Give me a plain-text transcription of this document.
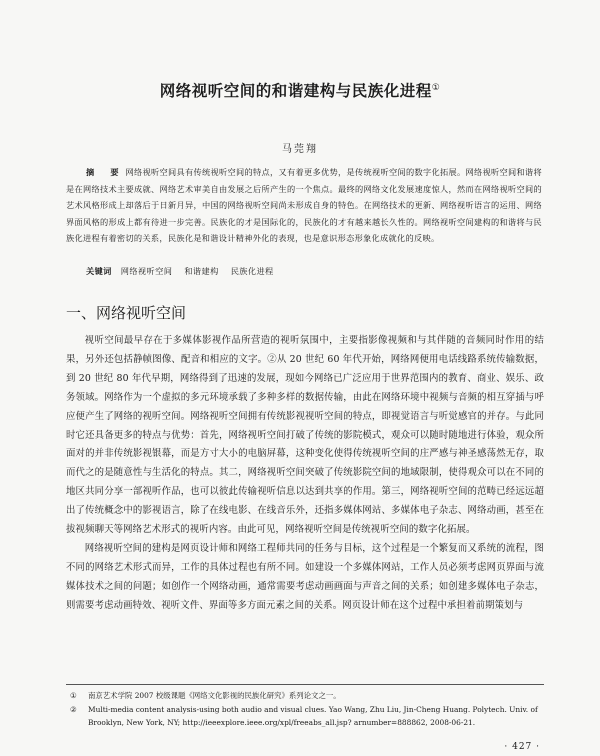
网络视听空间的和谐建构与民族化进程①
马莞翔
摘　要 网络视听空间具有传统视听空间的特点，又有着更多优势，是传统视听空间的数字化拓展。网络视听空间和谐将是在网络技术主要成就、网络艺术审美自由发展之后所产生的一个焦点。最终的网络文化发展速度惊人，然而在网络视听空间的艺术风格形成上却落后于日新月异，中国的网络视听空间尚未形成自身的特色。在网络技术的更新、网络视听语言的运用、网络界面风格的形成上都有待进一步完善。民族化的才是国际化的，民族化的才有越来越长久性的。网络视听空间建构的和谐将与民族化进程有着密切的关系，民族化是和谐设计精神外化的表现，也是意识形态形象化成就化的反映。
关键词 网络视听空间 和谐建构 民族化进程
一、网络视听空间

视听空间最早存在于多媒体影视作品所营造的视听氛围中，主要指影像视频和与其伴随的音频同时作用的结果，另外还包括静帧图像、配音和相应的文字。②从 20 世纪 60 年代开始，网络网便用电话线路系统传输数据，到 20 世纪 80 年代早期，网络得到了迅速的发展，现如今网络已广泛应用于世界范围内的教育、商业、娱乐、政务领域。网络作为一个虚拟的多元环境承载了多种多样的数据传输，由此在网络环境中视频与音频的相互穿插与呼应便产生了网络的视听空间。网络视听空间拥有传统影视视听空间的特点，即视觉语言与听觉感官的并存。与此同时它还具备更多的特点与优势：首先，网络视听空间打破了传统的影院模式，观众可以随时随地进行体验，观众所面对的并非传统影视银幕，而是方寸大小的电脑屏幕，这种变化使得传统视听空间的庄严感与神圣感荡然无存，取而代之的是随意性与生活化的特点。其二，网络视听空间突破了传统影院空间的地域限制，使得观众可以在不同的地区共同分享一部视听作品，也可以彼此传输视听信息以达到共享的作用。第三，网络视听空间的范畴已经远远超出了传统概念中的影视语言，除了在线电影、在线音乐外，还指多媒体网站、多媒体电子杂志、网络动画，甚至在拔视频聊天等网络艺术形式的视听内容。由此可见，网络视听空间是传统视听空间的数字化拓展。

网络视听空间的建构是网页设计师和网络工程师共同的任务与目标，这个过程是一个繁复而又系统的流程，图不同的网络艺术形式而异，工作的具体过程也有所不同。如建设一个多媒体网站，工作人员必须考虑网页界面与流媒体技术之间的问题；如创作一个网络动画，通常需要考虑动画画面与声音之间的关系；如创建多媒体电子杂志，则需要考虑动画特效、视听文件、界面等多方面元素之间的关系。网页设计师在这个过程中承担着前期策划与

① 南京艺术学院 2007 校级课题《网络文化影视的民族化研究》系列论文之一。
② Multi-media content analysis-using both audio and visual clues. Yao Wang, Zhu Liu, Jin-Cheng Huang. Polytech. Univ. of Brooklyn, New York, NY; http://ieeexplore.ieee.org/xpl/freeabs_all.jsp? arnumber=888862, 2008-06-21.
· 427 ·
